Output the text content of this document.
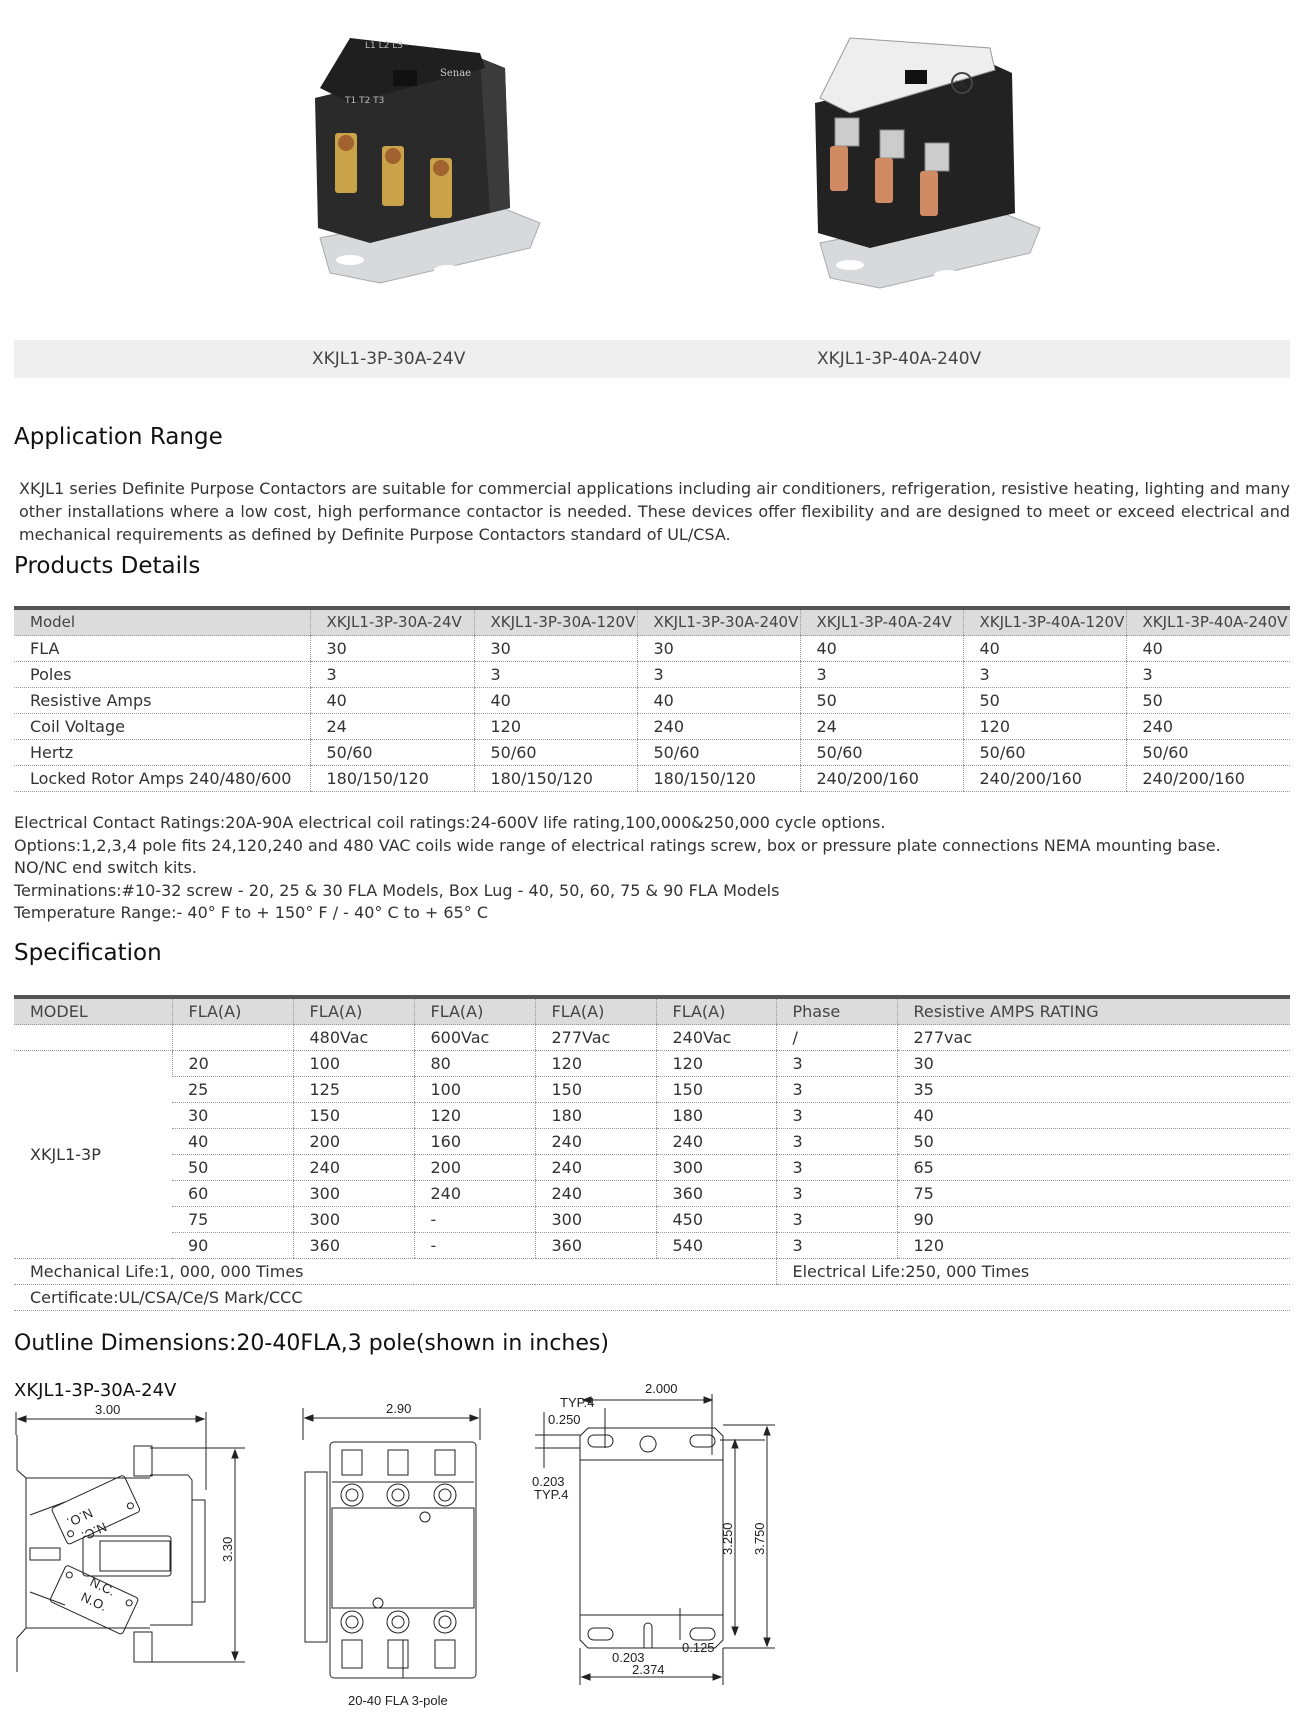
Senae
L1 L2 L3
T1 T2 T3
UL
XKJL1-3P-30A-24V	XKJL1-3P-40A-240V
Application Range

XKJL1 series Definite Purpose Contactors are suitable for commercial applications including air conditioners, refrigeration, resistive heating, lighting and many other installations where a low cost, high performance contactor is needed. These devices offer flexibility and are designed to meet or exceed electrical and mechanical requirements as defined by Definite Purpose Contactors standard of UL/CSA.

Products Details
Model	XKJL1-3P-30A-24V	XKJL1-3P-30A-120V	XKJL1-3P-30A-240V	XKJL1-3P-40A-24V	XKJL1-3P-40A-120V	XKJL1-3P-40A-240V
FLA	30	30	30	40	40	40
Poles	3	3	3	3	3	3
Resistive Amps	40	40	40	50	50	50
Coil Voltage	24	120	240	24	120	240
Hertz	50/60	50/60	50/60	50/60	50/60	50/60
Locked Rotor Amps 240/480/600	180/150/120	180/150/120	180/150/120	240/200/160	240/200/160	240/200/160
Electrical Contact Ratings:20A-90A electrical coil ratings:24-600V life rating,100,000&250,000 cycle options.
Options:1,2,3,4 pole fits 24,120,240 and 480 VAC coils wide range of electrical ratings screw, box or pressure plate connections NEMA mounting base.
NO/NC end switch kits.
Terminations:#10-32 screw - 20, 25 & 30 FLA Models, Box Lug - 40, 50, 60, 75 & 90 FLA Models
Temperature Range:- 40° F to + 150° F / - 40° C to + 65° C
Specification
MODEL	FLA(A)	FLA(A)	FLA(A)	FLA(A)	FLA(A)	Phase	Resistive AMPS RATING
		480Vac	600Vac	277Vac	240Vac	/	277vac
XKJL1-3P	20	100	80	120	120	3	30
	25	125	100	150	150	3	35
	30	150	120	180	180	3	40
	40	200	160	240	240	3	50
	50	240	200	240	300	3	65
	60	300	240	240	360	3	75
	75	300	-	300	450	3	90
	90	360	-	360	540	3	120
Mechanical Life:1, 000, 000 Times						Electrical Life:250, 000 Times	
Certificate:UL/CSA/Ce/S Mark/CCC							
Outline Dimensions:20-40FLA,3 pole(shown in inches)
XKJL1-3P-30A-24V
3.00
3.30
N.O.
N.C.
N.C.
N.O.
2.90
20-40 FLA 3-pole
2.000
TYP.4
0.250
0.203
TYP.4
3.250 3.750
0.125
0.203
2.374
